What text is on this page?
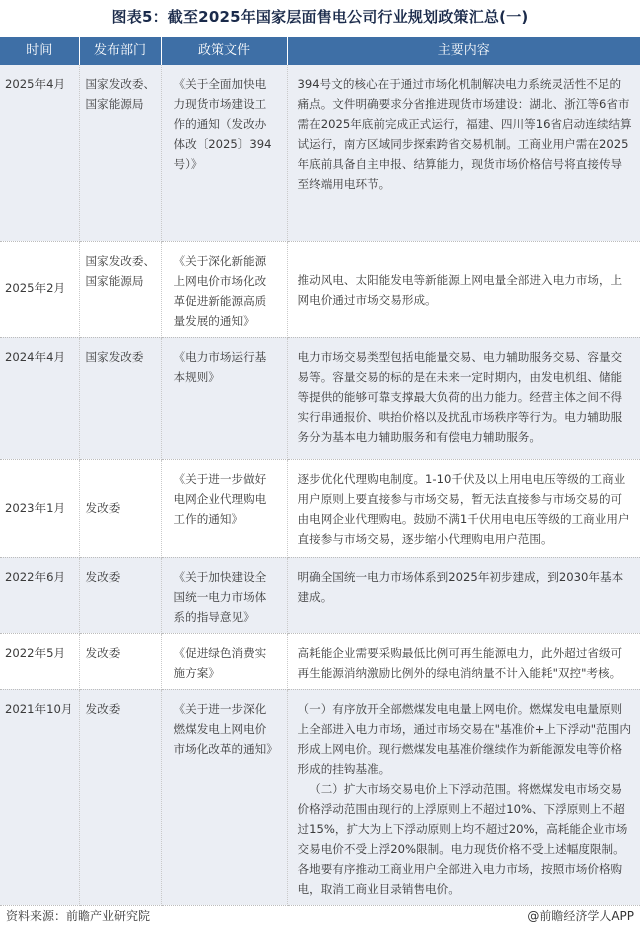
图表5：截至2025年国家层面售电公司行业规划政策汇总(一)
时间	发布部门	政策文件	主要内容
2025年4月	国家发改委、国家能源局	《关于全面加快电力现货市场建设工作的通知（发改办体改〔2025〕394号）》	394号文的核心在于通过市场化机制解决电力系统灵活性不足的痛点。文件明确要求分省推进现货市场建设：湖北、浙江等6省市需在2025年底前完成正式运行，福建、四川等16省启动连续结算试运行，南方区域同步探索跨省交易机制。工商业用户需在2025年底前具备自主申报、结算能力，现货市场价格信号将直接传导至终端用电环节。

2025年2月	国家发改委、国家能源局	《关于深化新能源上网电价市场化改革促进新能源高质量发展的通知》	推动风电、太阳能发电等新能源上网电量全部进入电力市场，上网电价通过市场交易形成。

2024年4月	国家发改委	《电力市场运行基本规则》	电力市场交易类型包括电能量交易、电力辅助服务交易、容量交易等。容量交易的标的是在未来一定时期内，由发电机组、储能等提供的能够可靠支撑最大负荷的出力能力。经营主体之间不得实行串通报价、哄抬价格以及扰乱市场秩序等行为。电力辅助服务分为基本电力辅助服务和有偿电力辅助服务。

2023年1月	发改委	《关于进一步做好电网企业代理购电工作的通知》	逐步优化代理购电制度。1-10千伏及以上用电电压等级的工商业用户原则上要直接参与市场交易，暂无法直接参与市场交易的可由电网企业代理购电。鼓励不满1千伏用电电压等级的工商业用户直接参与市场交易，逐步缩小代理购电用户范围。

2022年6月	发改委	《关于加快建设全国统一电力市场体系的指导意见》	明确全国统一电力市场体系到2025年初步建成，到2030年基本建成。

2022年5月	发改委	《促进绿色消费实施方案》	高耗能企业需要采购最低比例可再生能源电力，此外超过省级可再生能源消纳激励比例外的绿电消纳量不计入能耗"双控"考核。

2021年10月	发改委	《关于进一步深化燃煤发电上网电价市场化改革的通知》	（一）有序放开全部燃煤发电电量上网电价。燃煤发电电量原则上全部进入电力市场，通过市场交易在"基准价+上下浮动"范围内形成上网电价。现行燃煤发电基准价继续作为新能源发电等价格形成的挂钩基准。
（二）扩大市场交易电价上下浮动范围。将燃煤发电市场交易价格浮动范围由现行的上浮原则上不超过10%、下浮原则上不超过15%，扩大为上下浮动原则上均不超过20%，高耗能企业市场交易电价不受上浮20%限制。电力现货价格不受上述幅度限制。各地要有序推动工商业用户全部进入电力市场，按照市场价格购电，取消工商业目录销售电价。
资料来源：前瞻产业研究院	@前瞻经济学人APP
